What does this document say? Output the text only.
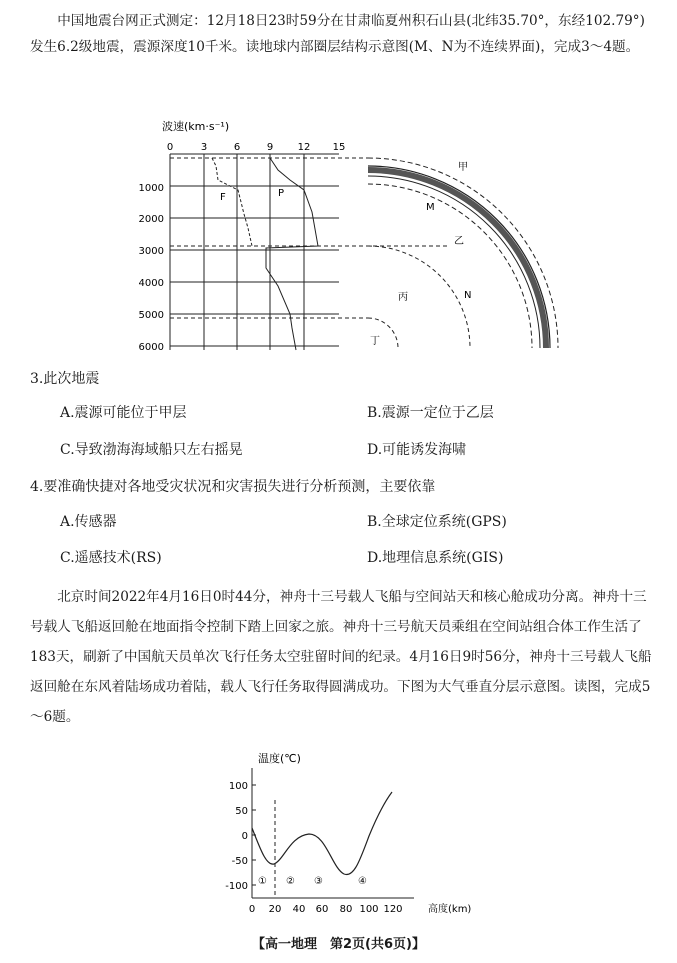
中国地震台网正式测定：12月18日23时59分在甘肃临夏州积石山县(北纬35.70°，东经102.79°)发生6.2级地震，震源深度10千米。读地球内部圈层结构示意图(M、N为不连续界面)，完成3～4题。

波速(km·s⁻¹)
0	3	6	9 12 15
1000
2000
3000
4000
5000
6000
F	P
甲
M
乙
丙	N
丁

3.此次地震

A.震源可能位于甲层	B.震源一定位于乙层

C.导致渤海海域船只左右摇晃	D.可能诱发海啸

4.要准确快捷对各地受灾状况和灾害损失进行分析预测，主要依靠

A.传感器	B.全球定位系统(GPS)

C.遥感技术(RS)	D.地理信息系统(GIS)

北京时间2022年4月16日0时44分，神舟十三号载人飞船与空间站天和核心舱成功分离。神舟十三号载人飞船返回舱在地面指令控制下踏上回家之旅。神舟十三号航天员乘组在空间站组合体工作生活了183天，刷新了中国航天员单次飞行任务太空驻留时间的纪录。4月16日9时56分，神舟十三号载人飞船返回舱在东风着陆场成功着陆，载人飞行任务取得圆满成功。下图为大气垂直分层示意图。读图，完成5～6题。

温度(℃)
高度(km)
100
50
0
-50
-100
0 20 40 60 80 100 120
① ② ③	④
【高一地理　第2页(共6页)】
